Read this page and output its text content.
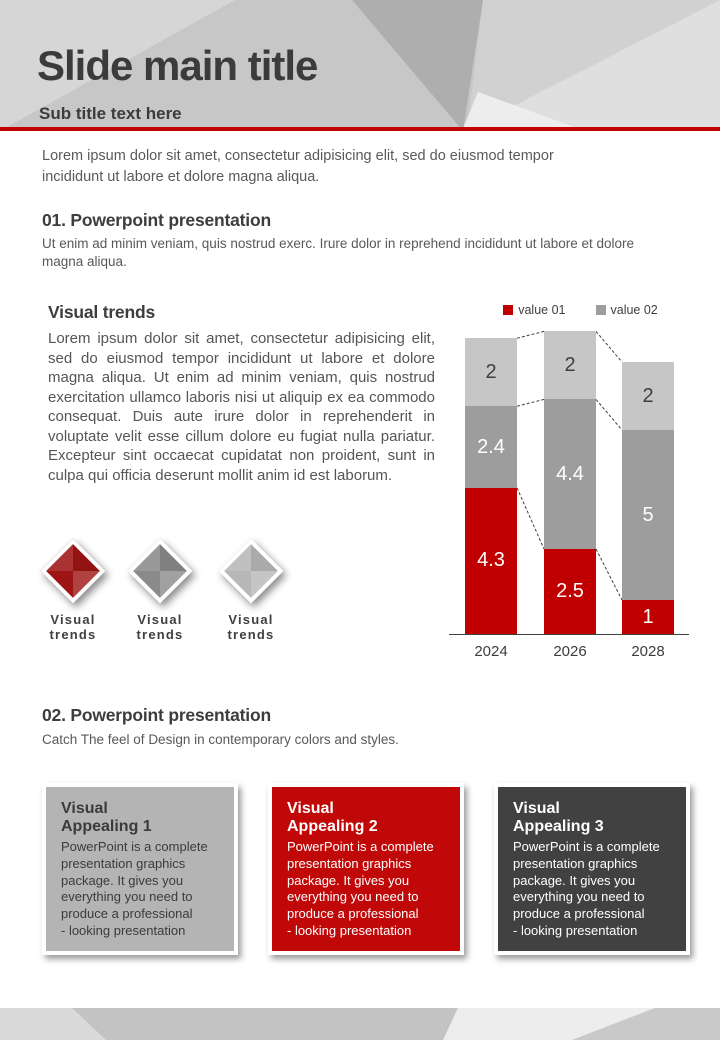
Slide main title
Sub title text here
Lorem ipsum dolor sit amet, consectetur adipisicing elit, sed do eiusmod tempor incididunt ut labore et dolore magna aliqua.
01. Powerpoint presentation
Ut enim ad minim veniam, quis nostrud exerc. Irure dolor in reprehend incididunt ut labore et dolore magna aliqua.
Visual trends
Lorem ipsum dolor sit amet, consectetur adipisicing elit, sed do eiusmod tempor incididunt ut labore et dolore magna aliqua. Ut enim ad minim veniam, quis nostrud exercitation ullamco laboris nisi ut aliquip ex ea commodo consequat. Duis aute irure dolor in reprehenderit in voluptate velit esse cillum dolore eu fugiat nulla pariatur. Excepteur sint occaecat cupidatat non proident, sunt in culpa qui officia deserunt mollit anim id est laborum.
value 01	value 02
4.3
2.4
2
2.5
4.4
2
1
5
2
2024	2026	2028
Visual trends
Visual trends
Visual trends
02. Powerpoint presentation
Catch The feel of Design in contemporary colors and styles.
Visual
Appealing 1
PowerPoint is a complete presentation graphics package. It gives you everything you need to produce a professional
- looking presentation
Visual
Appealing 2
PowerPoint is a complete presentation graphics package. It gives you everything you need to produce a professional
- looking presentation
Visual
Appealing 3
PowerPoint is a complete presentation graphics package. It gives you everything you need to produce a professional
- looking presentation
